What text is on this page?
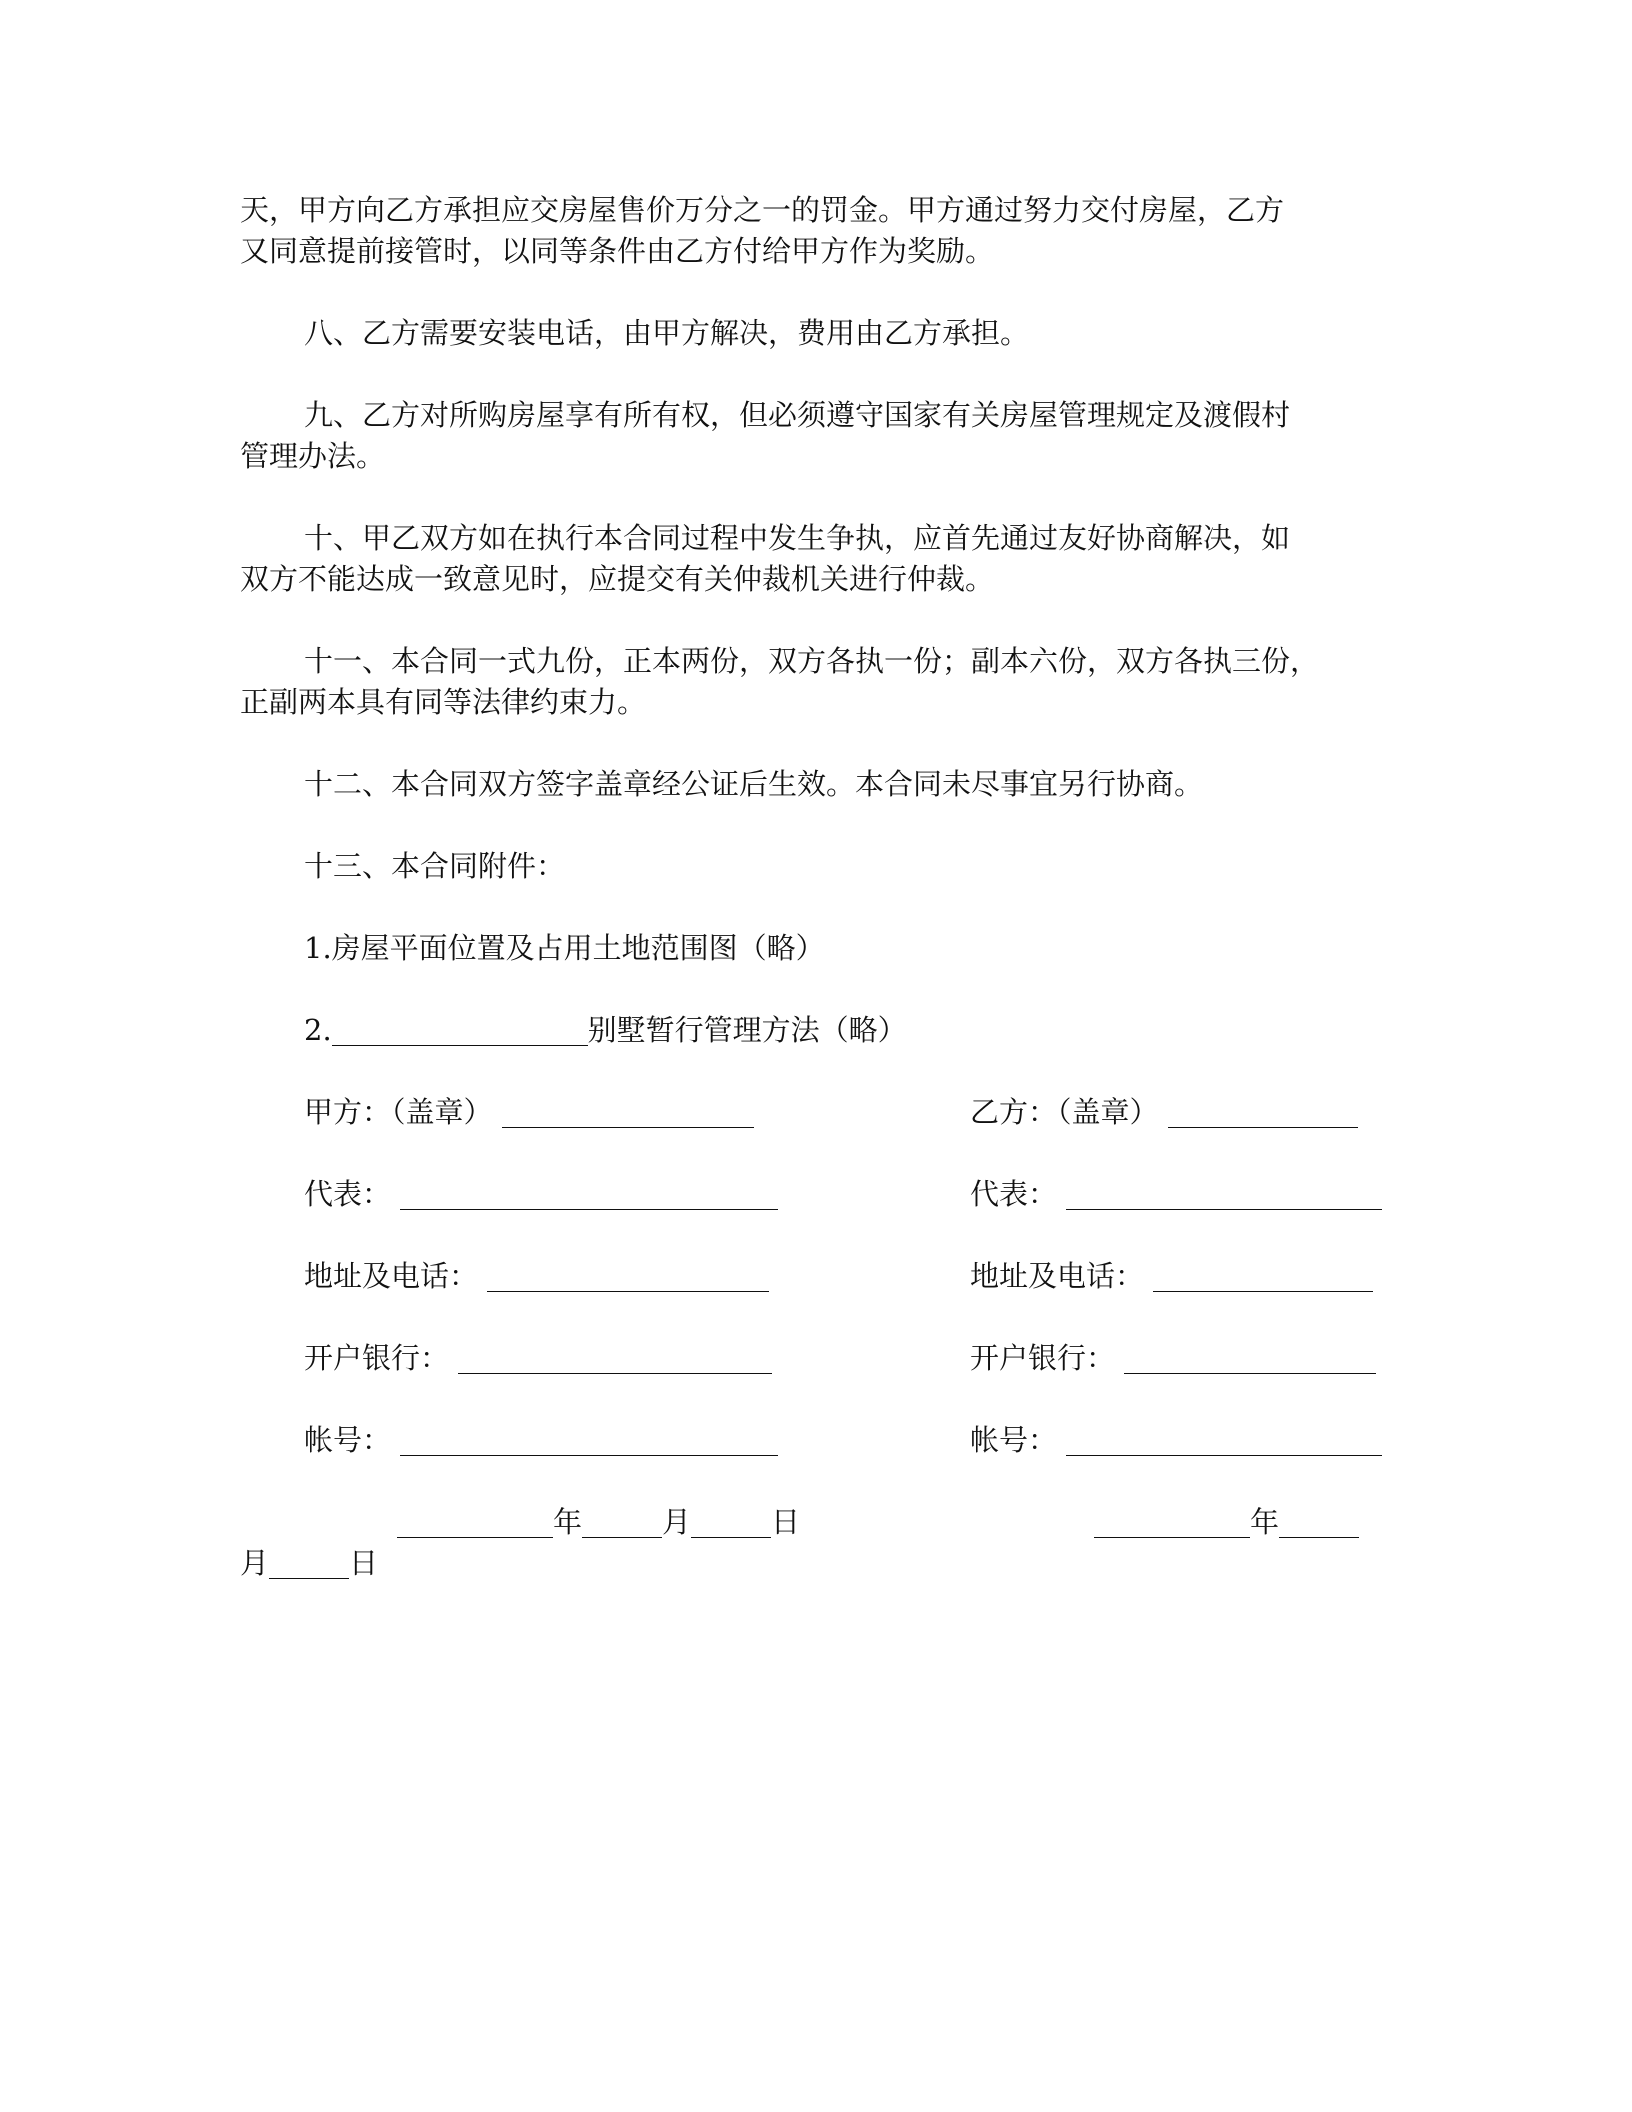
天，甲方向乙方承担应交房屋售价万分之一的罚金。甲方通过努力交付房屋，乙方
又同意提前接管时，以同等条件由乙方付给甲方作为奖励。

八、乙方需要安装电话，由甲方解决，费用由乙方承担。

九、乙方对所购房屋享有所有权，但必须遵守国家有关房屋管理规定及渡假村
管理办法。

十、甲乙双方如在执行本合同过程中发生争执，应首先通过友好协商解决，如
双方不能达成一致意见时，应提交有关仲裁机关进行仲裁。

十一、本合同一式九份，正本两份，双方各执一份；副本六份，双方各执三份，
正副两本具有同等法律约束力。

十二、本合同双方签字盖章经公证后生效。本合同未尽事宜另行协商。

十三、本合同附件：

1.房屋平面位置及占用土地范围图（略）

2.	别墅暂行管理方法（略）

甲方：（盖章）	乙方：（盖章）
代表：	代表：
地址及电话：	地址及电话：
开户银行：	开户银行：
帐号：	帐号：
年	月	日	年
月	日
